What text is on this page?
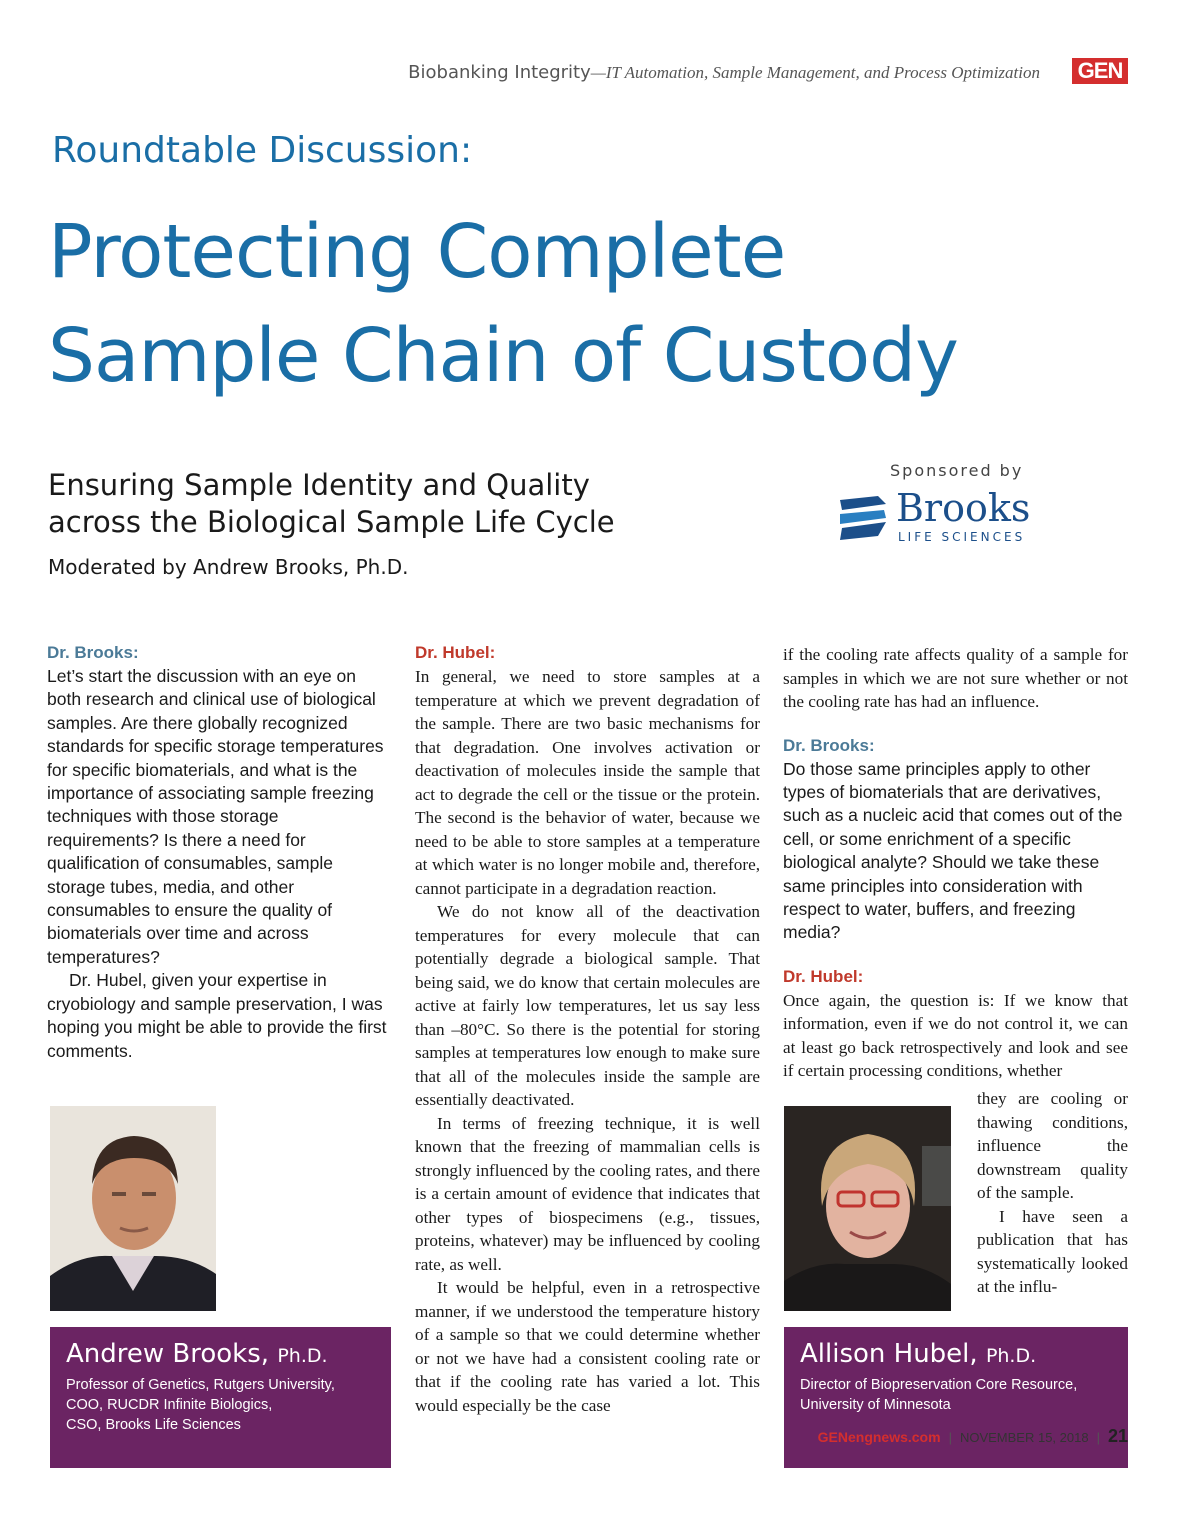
Biobanking Integrity—IT Automation, Sample Management, and Process Optimization GEN
Roundtable Discussion:
Protecting Complete
Sample Chain of Custody
Ensuring Sample Identity and Quality
across the Biological Sample Life Cycle
Moderated by Andrew Brooks, Ph.D.
Sponsored by
Brooks
LIFE SCIENCES

Dr. Brooks:

Let’s start the discussion with an eye on both research and clinical use of biological samples. Are there globally recognized standards for specific storage temperatures for specific biomaterials, and what is the importance of associating sample freezing techniques with those storage requirements? Is there a need for qualification of consumables, sample storage tubes, media, and other consumables to ensure the quality of biomaterials over time and across temperatures?

Dr. Hubel, given your expertise in cryobiology and sample preservation, I was hoping you might be able to provide the first comments.

Andrew Brooks, Ph.D.
Professor of Genetics, Rutgers University,
COO, RUCDR Infinite Biologics,
CSO, Brooks Life Sciences

Dr. Hubel:

In general, we need to store samples at a temperature at which we prevent degradation of the sample. There are two basic mechanisms for that degradation. One involves activation or deactivation of molecules inside the sample that act to degrade the cell or the tissue or the protein. The second is the behavior of water, because we need to be able to store samples at a temperature at which water is no longer mobile and, therefore, cannot participate in a degradation reaction.

We do not know all of the deactivation temperatures for every molecule that can potentially degrade a biological sample. That being said, we do know that certain molecules are active at fairly low temperatures, let us say less than –80°C. So there is the potential for storing samples at temperatures low enough to make sure that all of the molecules inside the sample are essentially deactivated.

In terms of freezing technique, it is well known that the freezing of mammalian cells is strongly influenced by the cooling rates, and there is a certain amount of evidence that indicates that other types of biospecimens (e.g., tissues, proteins, whatever) may be influenced by cooling rate, as well.

It would be helpful, even in a retrospective manner, if we understood the temperature history of a sample so that we could determine whether or not we have had a consistent cooling rate or that if the cooling rate has varied a lot. This would especially be the case

if the cooling rate affects quality of a sample for samples in which we are not sure whether or not the cooling rate has had an influence.

Dr. Brooks:

Do those same principles apply to other types of biomaterials that are derivatives, such as a nucleic acid that comes out of the cell, or some enrichment of a specific biological analyte? Should we take these same principles into consideration with respect to water, buffers, and freezing media?

Dr. Hubel:

Once again, the question is: If we know that information, even if we do not control it, we can at least go back retrospectively and look and see if certain processing conditions, whether

they are cooling or thawing conditions, influence the downstream quality of the sample.

I have seen a publication that has systematically looked at the influ-

Allison Hubel, Ph.D.
Director of Biopreservation Core Resource,
University of Minnesota
GENengnews.com | NOVEMBER 15, 2018 | 21
